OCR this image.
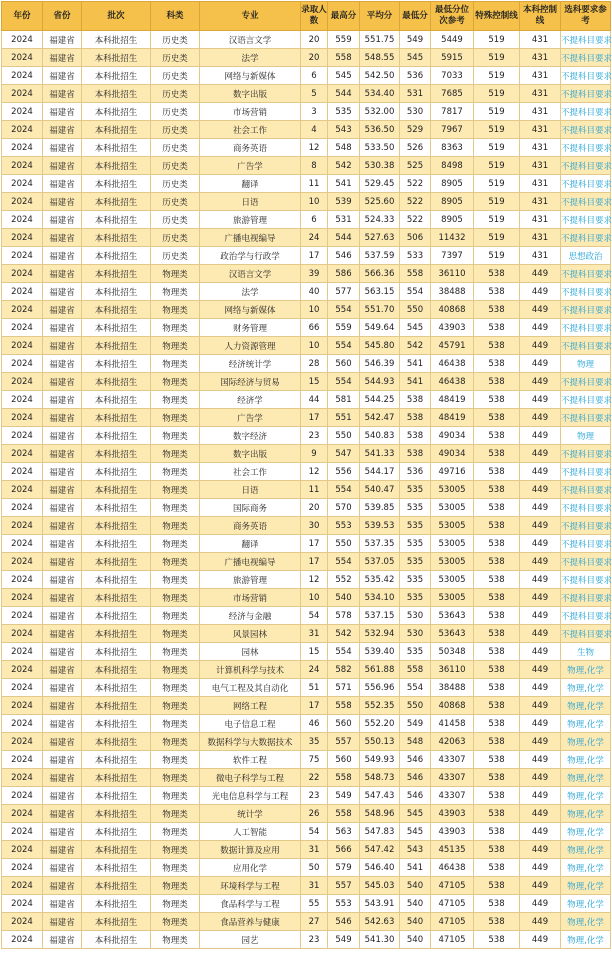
年份	省份	批次	科类	专业	录取人数	最高分	平均分	最低分	最低分位次参考	特殊控制线	本科控制线	选科要求参考
2024	福建省	本科批招生	历史类	汉语言文学	20	559	551.75	549	5449	519	431	不提科目要求
2024	福建省	本科批招生	历史类	法学	20	558	548.55	545	5915	519	431	不提科目要求
2024	福建省	本科批招生	历史类	网络与新媒体	6	545	542.50	536	7033	519	431	不提科目要求
2024	福建省	本科批招生	历史类	数字出版	5	544	534.40	531	7685	519	431	不提科目要求
2024	福建省	本科批招生	历史类	市场营销	3	535	532.00	530	7817	519	431	不提科目要求
2024	福建省	本科批招生	历史类	社会工作	4	543	536.50	529	7967	519	431	不提科目要求
2024	福建省	本科批招生	历史类	商务英语	12	548	533.50	526	8363	519	431	不提科目要求
2024	福建省	本科批招生	历史类	广告学	8	542	530.38	525	8498	519	431	不提科目要求
2024	福建省	本科批招生	历史类	翻译	11	541	529.45	522	8905	519	431	不提科目要求
2024	福建省	本科批招生	历史类	日语	10	539	525.60	522	8905	519	431	不提科目要求
2024	福建省	本科批招生	历史类	旅游管理	6	531	524.33	522	8905	519	431	不提科目要求
2024	福建省	本科批招生	历史类	广播电视编导	24	544	527.63	506	11432	519	431	不提科目要求
2024	福建省	本科批招生	历史类	政治学与行政学	17	546	537.59	533	7397	519	431	思想政治
2024	福建省	本科批招生	物理类	汉语言文学	39	586	566.36	558	36110	538	449	不提科目要求
2024	福建省	本科批招生	物理类	法学	40	577	563.15	554	38488	538	449	不提科目要求
2024	福建省	本科批招生	物理类	网络与新媒体	10	554	551.70	550	40868	538	449	不提科目要求
2024	福建省	本科批招生	物理类	财务管理	66	559	549.64	545	43903	538	449	不提科目要求
2024	福建省	本科批招生	物理类	人力资源管理	10	554	545.80	542	45791	538	449	不提科目要求
2024	福建省	本科批招生	物理类	经济统计学	28	560	546.39	541	46438	538	449	物理
2024	福建省	本科批招生	物理类	国际经济与贸易	15	554	544.93	541	46438	538	449	不提科目要求
2024	福建省	本科批招生	物理类	经济学	44	581	544.25	538	48419	538	449	不提科目要求
2024	福建省	本科批招生	物理类	广告学	17	551	542.47	538	48419	538	449	不提科目要求
2024	福建省	本科批招生	物理类	数字经济	23	550	540.83	538	49034	538	449	物理
2024	福建省	本科批招生	物理类	数字出版	9	547	541.33	538	49034	538	449	不提科目要求
2024	福建省	本科批招生	物理类	社会工作	12	556	544.17	536	49716	538	449	不提科目要求
2024	福建省	本科批招生	物理类	日语	11	554	540.47	535	53005	538	449	不提科目要求
2024	福建省	本科批招生	物理类	国际商务	20	570	539.85	535	53005	538	449	不提科目要求
2024	福建省	本科批招生	物理类	商务英语	30	553	539.53	535	53005	538	449	不提科目要求
2024	福建省	本科批招生	物理类	翻译	17	550	537.35	535	53005	538	449	不提科目要求
2024	福建省	本科批招生	物理类	广播电视编导	17	554	537.05	535	53005	538	449	不提科目要求
2024	福建省	本科批招生	物理类	旅游管理	12	552	535.42	535	53005	538	449	不提科目要求
2024	福建省	本科批招生	物理类	市场营销	10	540	534.10	535	53005	538	449	不提科目要求
2024	福建省	本科批招生	物理类	经济与金融	54	578	537.15	530	53643	538	449	不提科目要求
2024	福建省	本科批招生	物理类	风景园林	31	542	532.94	530	53643	538	449	不提科目要求
2024	福建省	本科批招生	物理类	园林	15	554	539.40	535	50348	538	449	生物
2024	福建省	本科批招生	物理类	计算机科学与技术	24	582	561.88	558	36110	538	449	物理,化学
2024	福建省	本科批招生	物理类	电气工程及其自动化	51	571	556.96	554	38488	538	449	物理,化学
2024	福建省	本科批招生	物理类	网络工程	17	558	552.35	550	40868	538	449	物理,化学
2024	福建省	本科批招生	物理类	电子信息工程	46	560	552.20	549	41458	538	449	物理,化学
2024	福建省	本科批招生	物理类	数据科学与大数据技术	35	557	550.13	548	42063	538	449	物理,化学
2024	福建省	本科批招生	物理类	软件工程	75	560	549.93	546	43307	538	449	物理,化学
2024	福建省	本科批招生	物理类	微电子科学与工程	22	558	548.73	546	43307	538	449	物理,化学
2024	福建省	本科批招生	物理类	光电信息科学与工程	23	549	547.43	546	43307	538	449	物理,化学
2024	福建省	本科批招生	物理类	统计学	26	558	548.96	545	43903	538	449	物理,化学
2024	福建省	本科批招生	物理类	人工智能	54	563	547.83	545	43903	538	449	物理,化学
2024	福建省	本科批招生	物理类	数据计算及应用	31	566	547.42	543	45135	538	449	物理,化学
2024	福建省	本科批招生	物理类	应用化学	50	579	546.40	541	46438	538	449	物理,化学
2024	福建省	本科批招生	物理类	环境科学与工程	31	557	545.03	540	47105	538	449	物理,化学
2024	福建省	本科批招生	物理类	食品科学与工程	55	553	543.91	540	47105	538	449	物理,化学
2024	福建省	本科批招生	物理类	食品营养与健康	27	546	542.63	540	47105	538	449	物理,化学
2024	福建省	本科批招生	物理类	园艺	23	549	541.30	540	47105	538	449	物理,化学
